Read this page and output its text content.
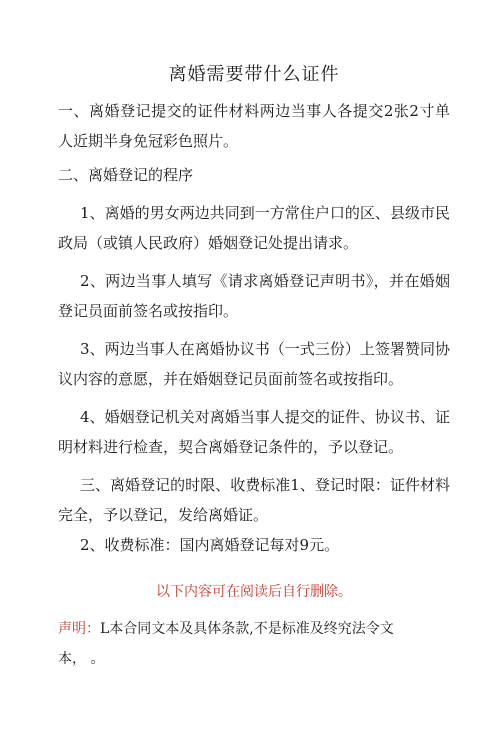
离婚需要带什么证件

一、离婚登记提交的证件材料两边当事人各提交2张2寸单人近期半身免冠彩色照片。

二、离婚登记的程序

1、离婚的男女两边共同到一方常住户口的区、县级市民政局（或镇人民政府）婚姻登记处提出请求。

2、两边当事人填写《请求离婚登记声明书》，并在婚姻登记员面前签名或按指印。

3、两边当事人在离婚协议书（一式三份）上签署赞同协议内容的意愿，并在婚姻登记员面前签名或按指印。

4、婚姻登记机关对离婚当事人提交的证件、协议书、证明材料进行检查，契合离婚登记条件的，予以登记。

三、离婚登记的时限、收费标准1、登记时限：证件材料完全，予以登记，发给离婚证。

2、收费标准：国内离婚登记每对9元。

以下内容可在阅读后自行删除。

声明：L本合同文本及具体条款,不是标准及终究法令文本， 。
